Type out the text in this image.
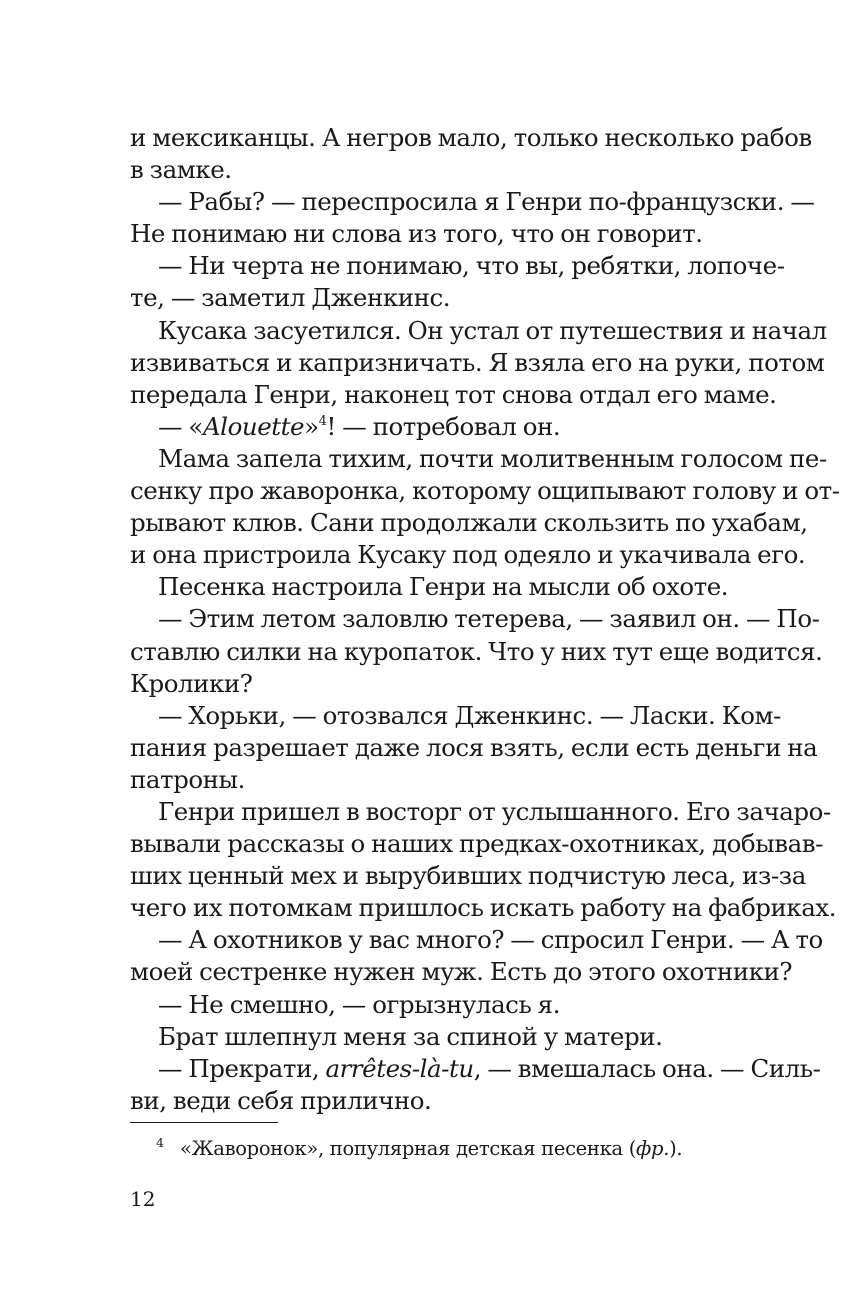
и мексиканцы. А негров мало, только несколько рабов
в замке.
— Рабы? — переспросила я Генри по-французски. —
Не понимаю ни слова из того, что он говорит.
— Ни черта не понимаю, что вы, ребятки, лопоче-
те, — заметил Дженкинс.
Кусака засуетился. Он устал от путешествия и начал
извиваться и капризничать. Я взяла его на руки, потом
передала Генри, наконец тот снова отдал его маме.
— «Alouette»$^4$! — потребовал он.
Мама запела тихим, почти молитвенным голосом пе-
сенку про жаворонка, которому ощипывают голову и от-
рывают клюв. Сани продолжали скользить по ухабам,
и она пристроила Кусаку под одеяло и укачивала его.
Песенка настроила Генри на мысли об охоте.
— Этим летом заловлю тетерева, — заявил он. — По-
ставлю силки на куропаток. Что у них тут еще водится.
Кролики?
— Хорьки, — отозвался Дженкинс. — Ласки. Ком-
пания разрешает даже лося взять, если есть деньги на
патроны.
Генри пришел в восторг от услышанного. Его зачаро-
вывали рассказы о наших предках-охотниках, добывав-
ших ценный мех и вырубивших подчистую леса, из-за
чего их потомкам пришлось искать работу на фабриках.
— А охотников у вас много? — спросил Генри. — А то
моей сестренке нужен муж. Есть до этого охотники?
— Не смешно, — огрызнулась я.
Брат шлепнул меня за спиной у матери.
— Прекрати, arrêtes-là-tu, — вмешалась она. — Силь-
ви, веди себя прилично.
4 «Жаворонок», популярная детская песенка (фр.).
12
